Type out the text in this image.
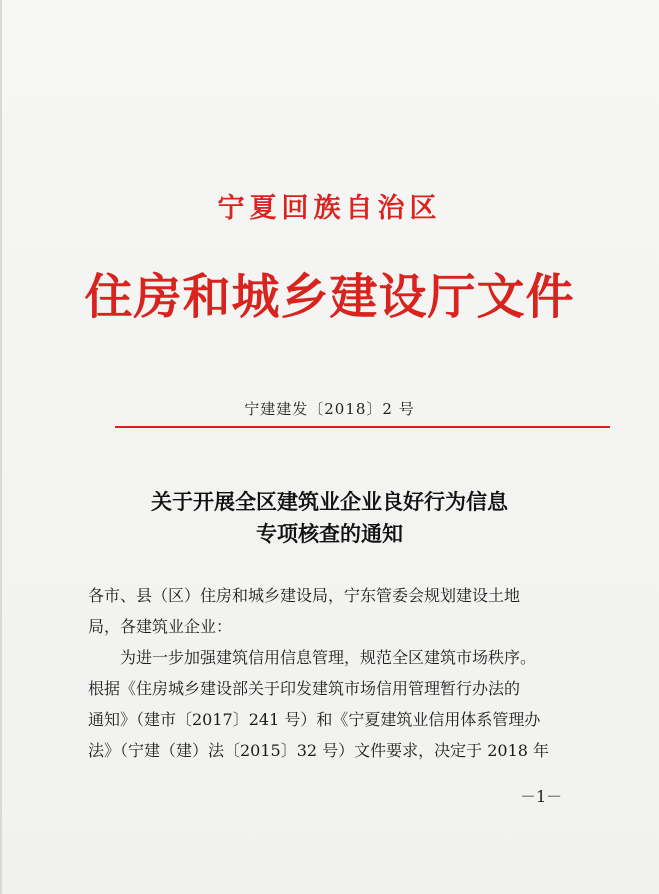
宁夏回族自治区
住房和城乡建设厅文件
宁建建发〔2018〕2 号
关于开展全区建筑业企业良好行为信息
专项核查的通知

各市、县（区）住房和城乡建设局，宁东管委会规划建设土地

局，各建筑业企业：

为进一步加强建筑信用信息管理，规范全区建筑市场秩序。

根据《住房城乡建设部关于印发建筑市场信用管理暂行办法的

通知》（建市〔2017〕241 号）和《宁夏建筑业信用体系管理办

法》（宁建（建）法〔2015〕32 号）文件要求，决定于 2018 年

－1－
